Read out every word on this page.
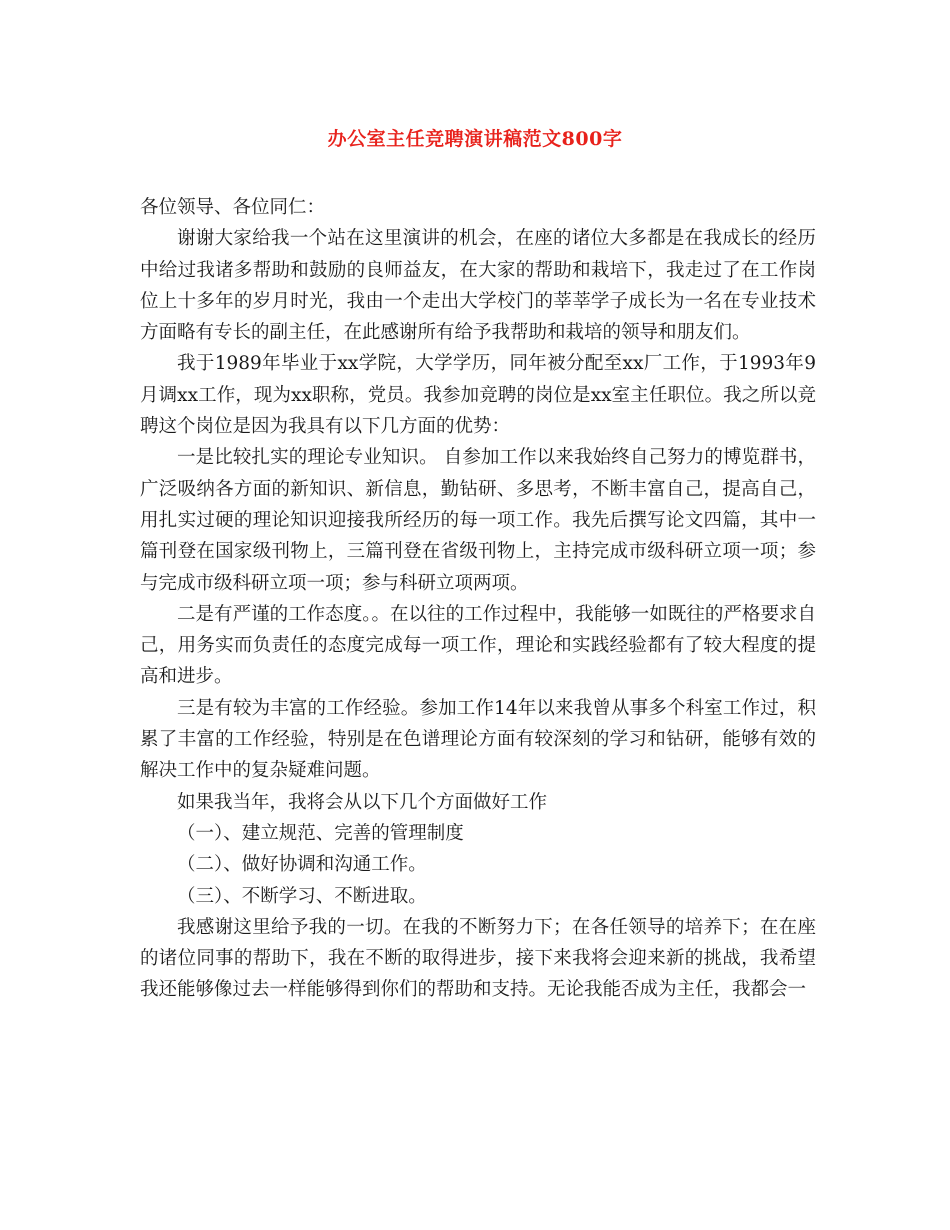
办公室主任竞聘演讲稿范文800字

各位领导、各位同仁：

谢谢大家给我一个站在这里演讲的机会，在座的诸位大多都是在我成长的经历中给过我诸多帮助和鼓励的良师益友，在大家的帮助和栽培下，我走过了在工作岗位上十多年的岁月时光，我由一个走出大学校门的莘莘学子成长为一名在专业技术方面略有专长的副主任，在此感谢所有给予我帮助和栽培的领导和朋友们。

我于1989年毕业于xx学院，大学学历，同年被分配至xx厂工作，于1993年9月调xx工作，现为xx职称，党员。我参加竞聘的岗位是xx室主任职位。我之所以竞聘这个岗位是因为我具有以下几方面的优势：

一是比较扎实的理论专业知识。 自参加工作以来我始终自己努力的博览群书，广泛吸纳各方面的新知识、新信息，勤钻研、多思考，不断丰富自己，提高自己，用扎实过硬的理论知识迎接我所经历的每一项工作。我先后撰写论文四篇，其中一篇刊登在国家级刊物上，三篇刊登在省级刊物上，主持完成市级科研立项一项；参与完成市级科研立项一项；参与科研立项两项。

二是有严谨的工作态度。。在以往的工作过程中，我能够一如既往的严格要求自己，用务实而负责任的态度完成每一项工作，理论和实践经验都有了较大程度的提高和进步。

三是有较为丰富的工作经验。参加工作14年以来我曾从事多个科室工作过，积累了丰富的工作经验，特别是在色谱理论方面有较深刻的学习和钻研，能够有效的解决工作中的复杂疑难问题。

如果我当年，我将会从以下几个方面做好工作

（一）、建立规范、完善的管理制度

（二）、做好协调和沟通工作。

（三）、不断学习、不断进取。

我感谢这里给予我的一切。在我的不断努力下；在各任领导的培养下；在在座的诸位同事的帮助下，我在不断的取得进步，接下来我将会迎来新的挑战，我希望我还能够像过去一样能够得到你们的帮助和支持。无论我能否成为主任，我都会一
